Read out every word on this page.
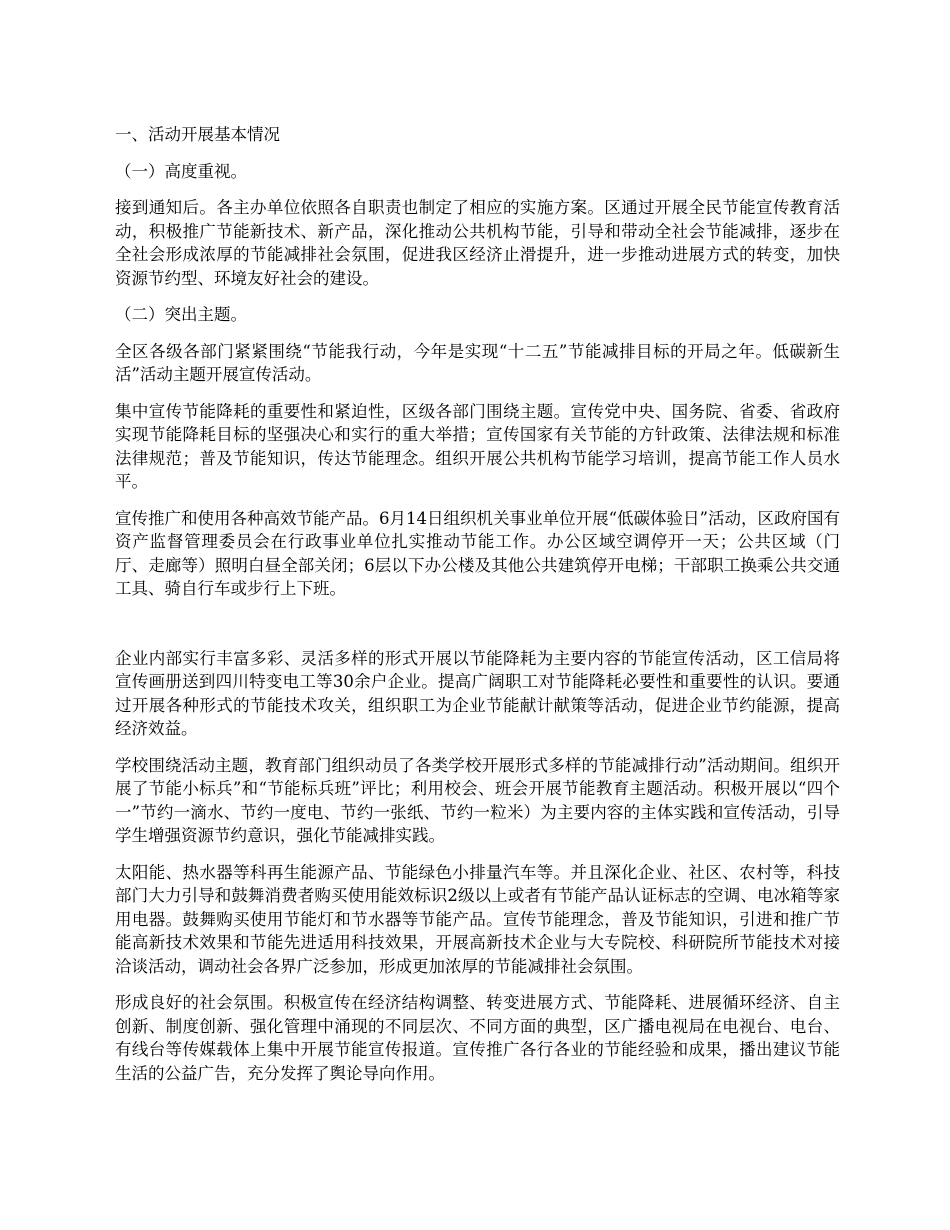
一、活动开展基本情况

（一）高度重视。

接到通知后。各主办单位依照各自职责也制定了相应的实施方案。区通过开展全民节能宣传教育活动，积极推广节能新技术、新产品，深化推动公共机构节能，引导和带动全社会节能减排，逐步在全社会形成浓厚的节能减排社会氛围，促进我区经济止滑提升，进一步推动进展方式的转变，加快资源节约型、环境友好社会的建设。

（二）突出主题。

全区各级各部门紧紧围绕“节能我行动，今年是实现“十二五”节能减排目标的开局之年。低碳新生活”活动主题开展宣传活动。

集中宣传节能降耗的重要性和紧迫性，区级各部门围绕主题。宣传党中央、国务院、省委、省政府实现节能降耗目标的坚强决心和实行的重大举措；宣传国家有关节能的方针政策、法律法规和标准法律规范；普及节能知识，传达节能理念。组织开展公共机构节能学习培训，提高节能工作人员水平。

宣传推广和使用各种高效节能产品。6月14日组织机关事业单位开展“低碳体验日”活动，区政府国有资产监督管理委员会在行政事业单位扎实推动节能工作。办公区域空调停开一天；公共区域（门厅、走廊等）照明白昼全部关闭；6层以下办公楼及其他公共建筑停开电梯；干部职工换乘公共交通工具、骑自行车或步行上下班。

企业内部实行丰富多彩、灵活多样的形式开展以节能降耗为主要内容的节能宣传活动，区工信局将宣传画册送到四川特变电工等30余户企业。提高广阔职工对节能降耗必要性和重要性的认识。要通过开展各种形式的节能技术攻关，组织职工为企业节能献计献策等活动，促进企业节约能源，提高经济效益。

学校围绕活动主题，教育部门组织动员了各类学校开展形式多样的节能减排行动”活动期间。组织开展了节能小标兵”和“节能标兵班”评比；利用校会、班会开展节能教育主题活动。积极开展以“四个一”节约一滴水、节约一度电、节约一张纸、节约一粒米）为主要内容的主体实践和宣传活动，引导学生增强资源节约意识，强化节能减排实践。

太阳能、热水器等科再生能源产品、节能绿色小排量汽车等。并且深化企业、社区、农村等，科技部门大力引导和鼓舞消费者购买使用能效标识2级以上或者有节能产品认证标志的空调、电冰箱等家用电器。鼓舞购买使用节能灯和节水器等节能产品。宣传节能理念，普及节能知识，引进和推广节能高新技术效果和节能先进适用科技效果，开展高新技术企业与大专院校、科研院所节能技术对接洽谈活动，调动社会各界广泛参加，形成更加浓厚的节能减排社会氛围。

形成良好的社会氛围。积极宣传在经济结构调整、转变进展方式、节能降耗、进展循环经济、自主创新、制度创新、强化管理中涌现的不同层次、不同方面的典型，区广播电视局在电视台、电台、有线台等传媒载体上集中开展节能宣传报道。宣传推广各行各业的节能经验和成果，播出建议节能生活的公益广告，充分发挥了舆论导向作用。
